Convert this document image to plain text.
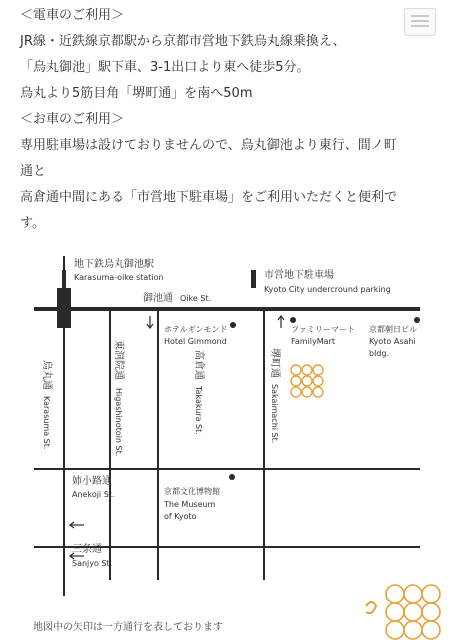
＜電車のご利用＞
JR線・近鉄線京都駅から京都市営地下鉄烏丸線乗換え、
「烏丸御池」駅下車、3-1出口より東へ徒歩5分。
烏丸より5筋目角「堺町通」を南へ50m
＜お車のご利用＞
専用駐車場は設けておりませんので、烏丸御池より東行、間ノ町
通と
高倉通中間にある「市営地下駐車場」をご利用いただくと便利で
す。
地下鉄烏丸御池駅
Karasuma-oike station	市営地下駐車場
Kyoto City undercround parking
御池通 Oike St.
烏丸通
Karasuma St.
東洞院通
Higashinotoin St.
ホテルギンモンド
Hotel Gimmond
高倉通
Takakura St.
堺町通
Sakaimachi St.
ファミリーマート
FamilyMart
京都朝日ビル
Kyoto Asahi
bldg.
姉小路通
Anekoji St.	京都文化博物館
The Museum
of Kyoto
三条通
Sanjyo St.
地図中の矢印は一方通行を表しております
